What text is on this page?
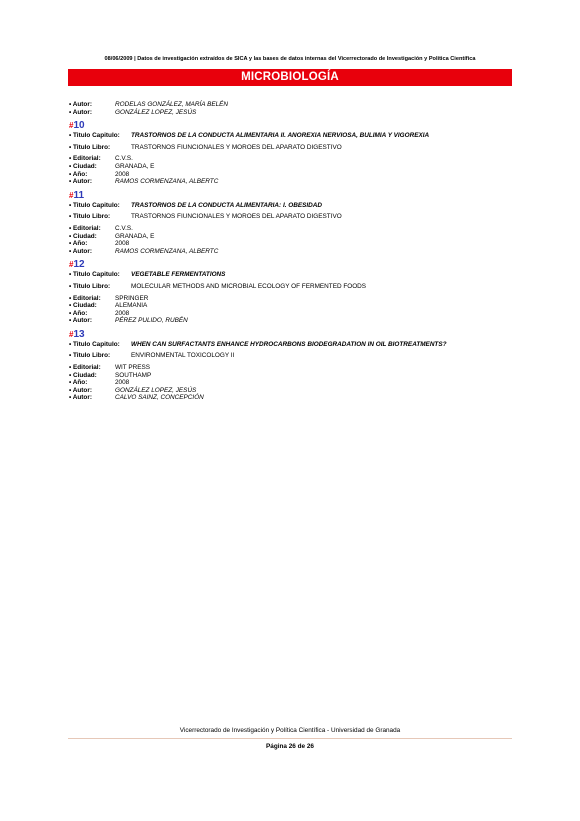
08/06/2009 | Datos de investigación extraídos de SICA y las bases de datos internas del Vicerrectorado de Investigación y Política Científica
MICROBIOLOGÍA
• Autor:	RODELAS GONZÁLEZ, MARÍA BELÉN
• Autor:	GONZÁLEZ LOPEZ, JESÚS
#10
• Titulo Capitulo:	TRASTORNOS DE LA CONDUCTA ALIMENTARIA II. ANOREXIA NERVIOSA, BULIMIA Y VIGOREXIA
• Titulo Libro:	TRASTORNOS FIUNCIONALES Y MOROES DEL APARATO DIGESTIVO
• Editorial:	C.V.S.
• Ciudad:	GRANADA, E
• Año:	2008
• Autor:	RAMOS CORMENZANA, ALBERTC
#11
• Titulo Capitulo:	TRASTORNOS DE LA CONDUCTA ALIMENTARIA: I. OBESIDAD
• Titulo Libro:	TRASTORNOS FIUNCIONALES Y MOROES DEL APARATO DIGESTIVO
• Editorial:	C.V.S.
• Ciudad:	GRANADA, E
• Año:	2008
• Autor:	RAMOS CORMENZANA, ALBERTC
#12
• Titulo Capitulo:	VEGETABLE FERMENTATIONS
• Titulo Libro:	MOLECULAR METHODS AND MICROBIAL ECOLOGY OF FERMENTED FOODS
• Editorial:	SPRINGER
• Ciudad:	ALEMANIA
• Año:	2008
• Autor:	PÉREZ PULIDO, RUBÉN
#13
• Titulo Capitulo:	WHEN CAN SURFACTANTS ENHANCE HYDROCARBONS BIODEGRADATION IN OIL BIOTREATMENTS?
• Titulo Libro:	ENVIRONMENTAL TOXICOLOGY II
• Editorial:	WIT PRESS
• Ciudad:	SOUTHAMP
• Año:	2008
• Autor:	GONZÁLEZ LOPEZ, JESÚS
• Autor:	CALVO SAINZ, CONCEPCIÓN
Vicerrectorado de Investigación y Política Científica - Universidad de Granada
Página 26 de 26
